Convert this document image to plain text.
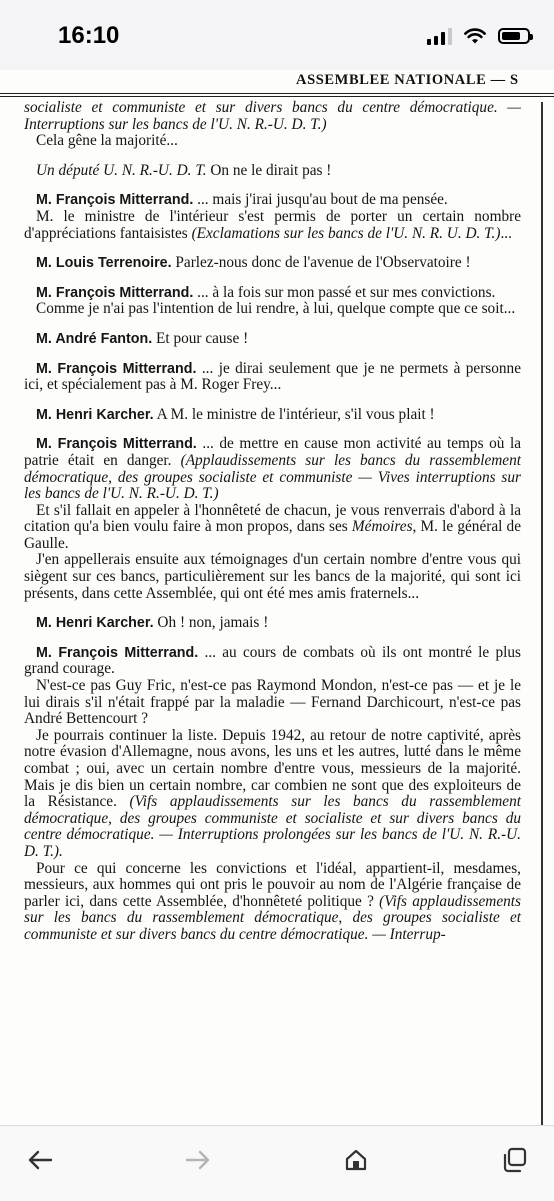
16:10
ASSEMBLEE NATIONALE — S

socialiste et communiste et sur divers bancs du centre démocratique. — Interruptions sur les bancs de l'U. N. R.-U. D. T.)

Cela gêne la majorité...

Un député U. N. R.-U. D. T. On ne le dirait pas !

M. François Mitterrand. ... mais j'irai jusqu'au bout de ma pensée.

M. le ministre de l'intérieur s'est permis de porter un certain nombre d'appréciations fantaisistes (Exclamations sur les bancs de l'U. N. R. U. D. T.)...

M. Louis Terrenoire. Parlez-nous donc de l'avenue de l'Observatoire !

M. François Mitterrand. ... à la fois sur mon passé et sur mes convictions.

Comme je n'ai pas l'intention de lui rendre, à lui, quelque compte que ce soit...

M. André Fanton. Et pour cause !

M. François Mitterrand. ... je dirai seulement que je ne permets à personne ici, et spécialement pas à M. Roger Frey...

M. Henri Karcher. A M. le ministre de l'intérieur, s'il vous plait !

M. François Mitterrand. ... de mettre en cause mon activité au temps où la patrie était en danger. (Applaudissements sur les bancs du rassemblement démocratique, des groupes socialiste et communiste — Vives interruptions sur les bancs de l'U. N. R.-U. D. T.)

Et s'il fallait en appeler à l'honnêteté de chacun, je vous renverrais d'abord à la citation qu'a bien voulu faire à mon propos, dans ses Mémoires, M. le général de Gaulle.

J'en appellerais ensuite aux témoignages d'un certain nombre d'entre vous qui siègent sur ces bancs, particulièrement sur les bancs de la majorité, qui sont ici présents, dans cette Assemblée, qui ont été mes amis fraternels...

M. Henri Karcher. Oh ! non, jamais !

M. François Mitterrand. ... au cours de combats où ils ont montré le plus grand courage.

N'est-ce pas Guy Fric, n'est-ce pas Raymond Mondon, n'est-ce pas — et je le lui dirais s'il n'était frappé par la maladie — Fernand Darchicourt, n'est-ce pas André Bettencourt ?

Je pourrais continuer la liste. Depuis 1942, au retour de notre captivité, après notre évasion d'Allemagne, nous avons, les uns et les autres, lutté dans le même combat ; oui, avec un certain nombre d'entre vous, messieurs de la majorité. Mais je dis bien un certain nombre, car combien ne sont que des exploiteurs de la Résistance. (Vifs applaudissements sur les bancs du rassemblement démocratique, des groupes communiste et socialiste et sur divers bancs du centre démocratique. — Interruptions prolongées sur les bancs de l'U. N. R.-U. D. T.).

Pour ce qui concerne les convictions et l'idéal, appartient-il, mesdames, messieurs, aux hommes qui ont pris le pouvoir au nom de l'Algérie française de parler ici, dans cette Assemblée, d'honnêteté politique ? (Vifs applaudissements sur les bancs du rassemblement démocratique, des groupes socialiste et communiste et sur divers bancs du centre démocratique. — Interrup-
